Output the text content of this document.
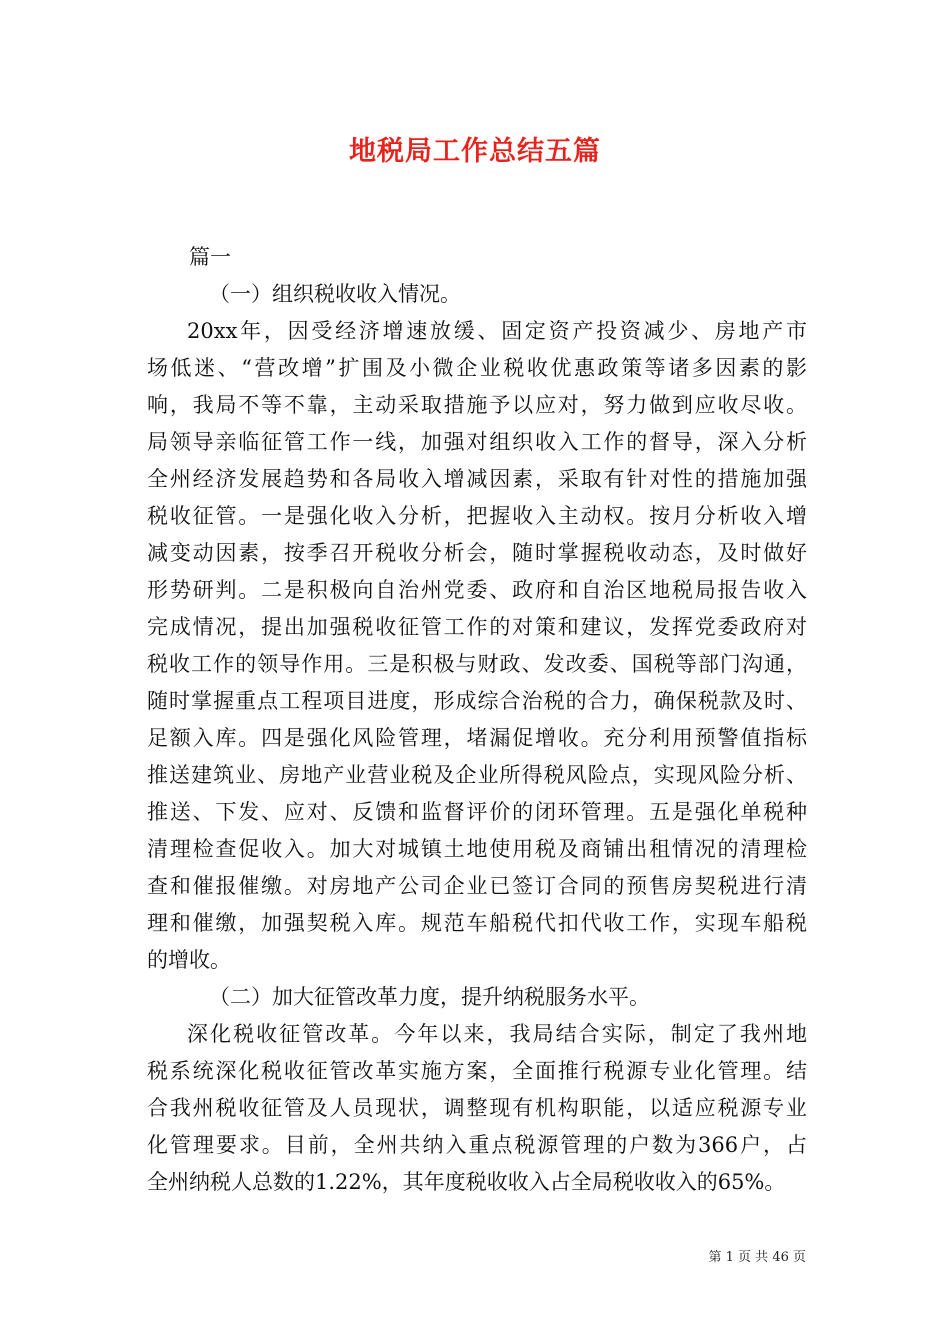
地税局工作总结五篇
篇一
（一）组织税收收入情况。
20xx年，因受经济增速放缓、固定资产投资减少、房地产市
场低迷、“营改增”扩围及小微企业税收优惠政策等诸多因素的影
响，我局不等不靠，主动采取措施予以应对，努力做到应收尽收。
局领导亲临征管工作一线，加强对组织收入工作的督导，深入分析
全州经济发展趋势和各局收入增减因素，采取有针对性的措施加强
税收征管。一是强化收入分析，把握收入主动权。按月分析收入增
减变动因素，按季召开税收分析会，随时掌握税收动态，及时做好
形势研判。二是积极向自治州党委、政府和自治区地税局报告收入
完成情况，提出加强税收征管工作的对策和建议，发挥党委政府对
税收工作的领导作用。三是积极与财政、发改委、国税等部门沟通，
随时掌握重点工程项目进度，形成综合治税的合力，确保税款及时、
足额入库。四是强化风险管理，堵漏促增收。充分利用预警值指标
推送建筑业、房地产业营业税及企业所得税风险点，实现风险分析、
推送、下发、应对、反馈和监督评价的闭环管理。五是强化单税种
清理检查促收入。加大对城镇土地使用税及商铺出租情况的清理检
查和催报催缴。对房地产公司企业已签订合同的预售房契税进行清
理和催缴，加强契税入库。规范车船税代扣代收工作，实现车船税
的增收。
（二）加大征管改革力度，提升纳税服务水平。
深化税收征管改革。今年以来，我局结合实际，制定了我州地
税系统深化税收征管改革实施方案，全面推行税源专业化管理。结
合我州税收征管及人员现状，调整现有机构职能，以适应税源专业
化管理要求。目前，全州共纳入重点税源管理的户数为366户，占
全州纳税人总数的1.22%，其年度税收收入占全局税收收入的65%。
第 1 页 共 46 页
